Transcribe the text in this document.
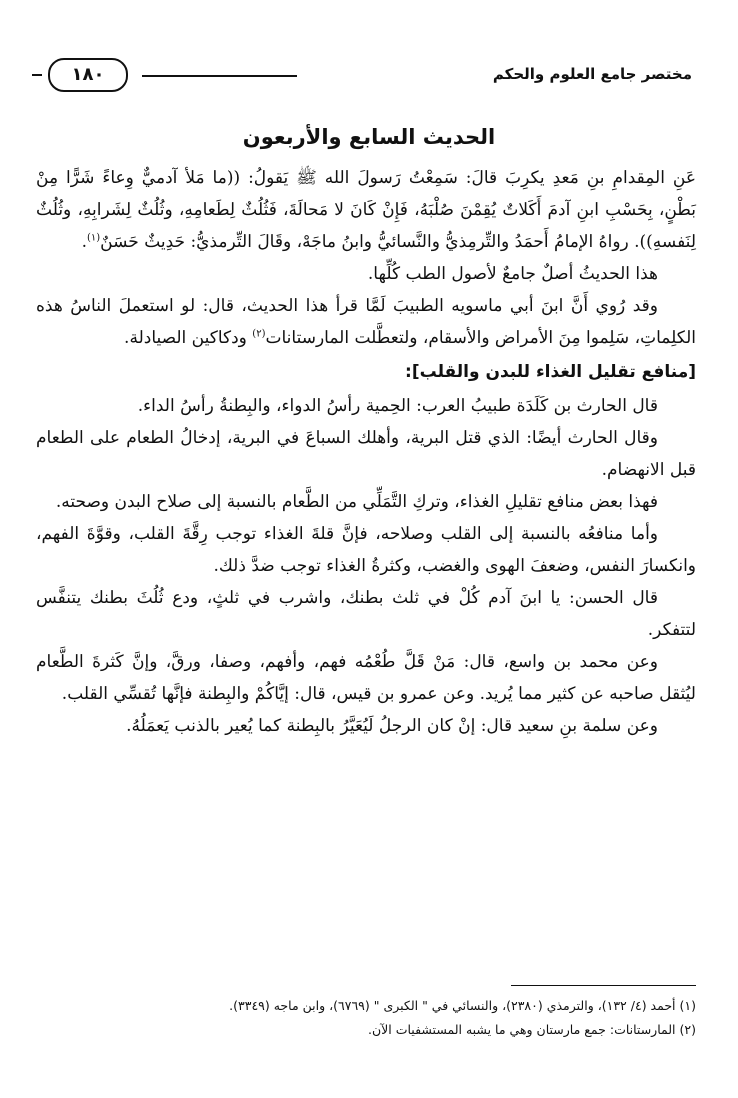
مختصر جامع العلوم والحكم
١٨٠
الحديث السابع والأربعون

عَنِ المِقدامِ بنِ مَعدِ يكرِبَ قالَ: سَمِعْتُ رَسولَ الله ﷺ يَقولُ: ((ما مَلأ آدميٌّ وِعاءً شَرًّا مِنْ بَطْنٍ، بِحَسْبِ ابنِ آدمَ أَكَلاتٌ يُقِمْنَ صُلْبَهُ، فَإِنْ كَانَ لا مَحالَةَ، فَثُلُثٌ لِطَعامِهِ، وثُلُثٌ لِشَرابِهِ، وثُلُثٌ لِنَفسهِ)). رواهُ الإمامُ أَحمَدُ والتِّرمِذيُّ والنَّسائيُّ وابنُ ماجَهْ، وقَالَ التِّرمذيُّ: حَدِيثٌ حَسَنٌ$^{(١)}$.

هذا الحديثُ أصلٌ جامعٌ لأصول الطب كُلِّها.

وقد رُوي أَنَّ ابنَ أبي ماسويه الطبيبَ لَمَّا قرأ هذا الحديث، قال: لو استعملَ الناسُ هذه الكلِماتِ، سَلِموا مِنَ الأمراض والأسقام، ولتعطَّلت المارستانات$^{(٢)}$ ودكاكين الصيادلة.

[منافع تقليل الغذاء للبدن والقلب]:

قال الحارث بن كَلَدَة طبيبُ العرب: الحِمية رأسُ الدواء، والبِطنةُ رأسُ الداء.

وقال الحارث أيضًا: الذي قتل البرية، وأهلك السباعَ في البرية، إدخالُ الطعام على الطعام قبل الانهضام.

فهذا بعض منافع تقليلِ الغذاء، وتركِ التَّمَلِّي من الطَّعام بالنسبة إلى صلاح البدن وصحته.

وأما منافعُه بالنسبة إلى القلب وصلاحه، فإنَّ قلةَ الغذاء توجب رِقَّةَ القلب، وقوَّةَ الفهم، وانكسارَ النفس، وضعفَ الهوى والغضب، وكثرةُ الغذاء توجب ضدَّ ذلك.

قال الحسن: يا ابنَ آدم كُلْ في ثلث بطنك، واشرب في ثلثٍ، ودع ثُلُثَ بطنك يتنفَّس لتتفكر.

وعن محمد بن واسع، قال: مَنْ قَلَّ طُعْمُه فهم، وأفهم، وصفا، ورقَّ، وإنَّ كَثرةَ الطَّعام ليُثقل صاحبه عن كثير مما يُريد. وعن عمرو بن قيس، قال: إيَّاكُمْ والبِطنة فإنَّها تُقسِّي القلب.

وعن سلمة بنِ سعيد قال: إنْ كان الرجلُ لَيُعَيَّرُ بالبِطنة كما يُعير بالذنب يَعمَلُهُ.

(١) أحمد (٤/ ١٣٢)، والترمذي (٢٣٨٠)، والنسائي في " الكبرى " (٦٧٦٩)، وابن ماجه (٣٣٤٩).
(٢) المارستانات: جمع مارستان وهي ما يشبه المستشفيات الآن.
